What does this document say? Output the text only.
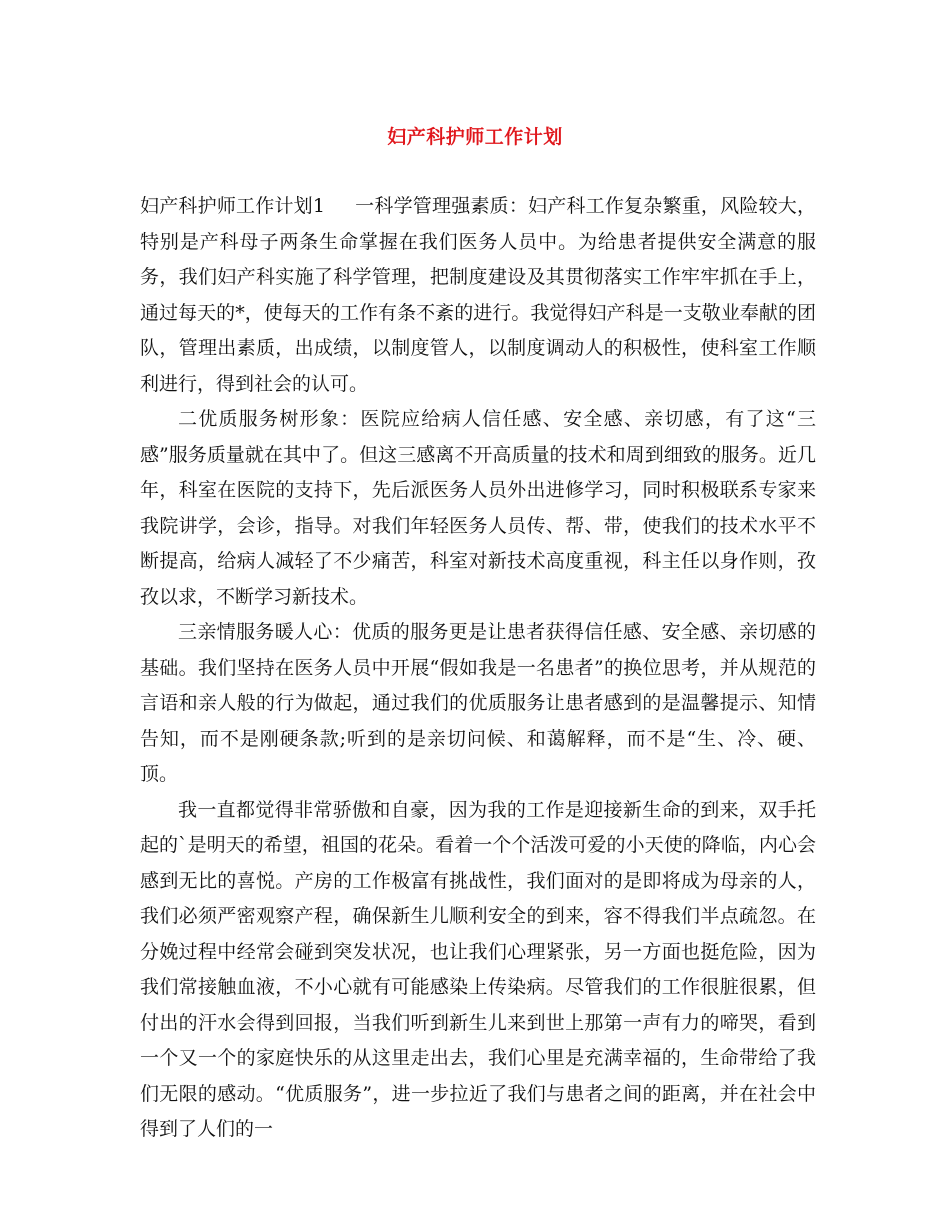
妇产科护师工作计划

妇产科护师工作计划1 一科学管理强素质：妇产科工作复杂繁重，风险较大，特别是产科母子两条生命掌握在我们医务人员中。为给患者提供安全满意的服务，我们妇产科实施了科学管理，把制度建设及其贯彻落实工作牢牢抓在手上，通过每天的*，使每天的工作有条不紊的进行。我觉得妇产科是一支敬业奉献的团队，管理出素质，出成绩，以制度管人，以制度调动人的积极性，使科室工作顺利进行，得到社会的认可。

二优质服务树形象：医院应给病人信任感、安全感、亲切感，有了这“三感”服务质量就在其中了。但这三感离不开高质量的技术和周到细致的服务。近几年，科室在医院的支持下，先后派医务人员外出进修学习，同时积极联系专家来我院讲学，会诊，指导。对我们年轻医务人员传、帮、带，使我们的技术水平不断提高，给病人减轻了不少痛苦，科室对新技术高度重视，科主任以身作则，孜孜以求，不断学习新技术。

三亲情服务暖人心：优质的服务更是让患者获得信任感、安全感、亲切感的基础。我们坚持在医务人员中开展“假如我是一名患者”的换位思考，并从规范的言语和亲人般的行为做起，通过我们的优质服务让患者感到的是温馨提示、知情告知，而不是刚硬条款;听到的是亲切问候、和蔼解释，而不是“生、冷、硬、顶。

我一直都觉得非常骄傲和自豪，因为我的工作是迎接新生命的到来，双手托起的`是明天的希望，祖国的花朵。看着一个个活泼可爱的小天使的降临，内心会感到无比的喜悦。产房的工作极富有挑战性，我们面对的是即将成为母亲的人，我们必须严密观察产程，确保新生儿顺利安全的到来，容不得我们半点疏忽。在分娩过程中经常会碰到突发状况，也让我们心理紧张，另一方面也挺危险，因为我们常接触血液，不小心就有可能感染上传染病。尽管我们的工作很脏很累，但付出的汗水会得到回报，当我们听到新生儿来到世上那第一声有力的啼哭，看到一个又一个的家庭快乐的从这里走出去，我们心里是充满幸福的，生命带给了我们无限的感动。“优质服务”，进一步拉近了我们与患者之间的距离，并在社会中得到了人们的一
